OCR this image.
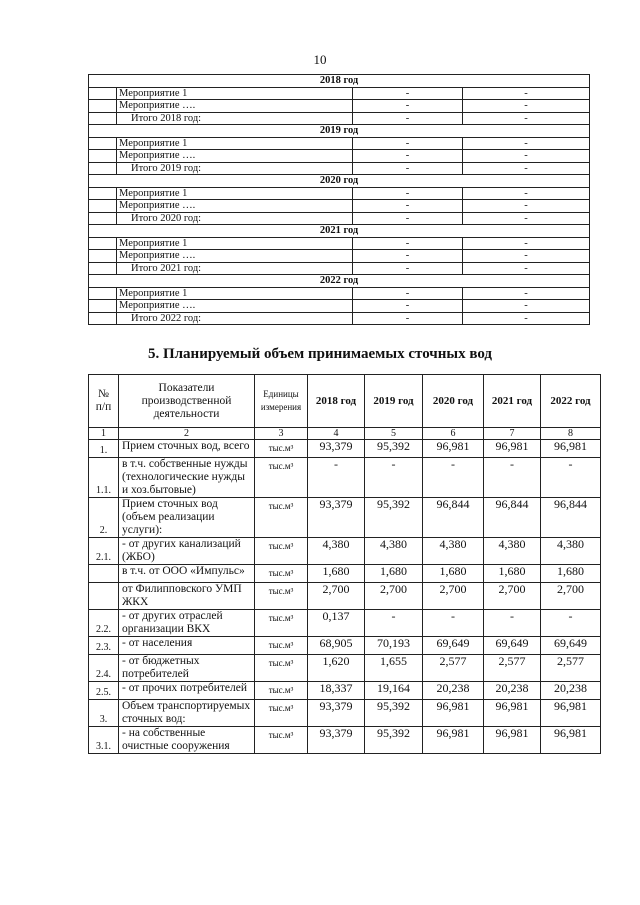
10
2018 год			
	Мероприятие 1	-	-
	Мероприятие ….	-	-
	Итого 2018 год:	-	-
2019 год			
	Мероприятие 1	-	-
	Мероприятие ….	-	-
	Итого 2019 год:	-	-
2020 год			
	Мероприятие 1	-	-
	Мероприятие ….	-	-
	Итого 2020 год:	-	-
2021 год			
	Мероприятие 1	-	-
	Мероприятие ….	-	-
	Итого 2021 год:	-	-
2022 год			
	Мероприятие 1	-	-
	Мероприятие ….	-	-
	Итого 2022 год:	-	-
5. Планируемый объем принимаемых сточных вод
№ п/п	Показатели производственной деятельности	Единицы измерения	2018 год	2019 год	2020 год	2021 год	2022 год
1	2	3	4	5	6	7	8
1.	Прием сточных вод, всего	тыс.м³	93,379	95,392	96,981	96,981	96,981
1.1.	в т.ч. собственные нужды (технологические нужды и хоз.бытовые)	тыс.м³	-	-	-	-	-
2.	Прием сточных вод (объем реализации услуги):	тыс.м³	93,379	95,392	96,844	96,844	96,844
2.1.	- от других канализаций (ЖБО)	тыс.м³	4,380	4,380	4,380	4,380	4,380
	в т.ч. от ООО «Импульс»	тыс.м³	1,680	1,680	1,680	1,680	1,680
	от Филипповского УМП ЖКХ	тыс.м³	2,700	2,700	2,700	2,700	2,700
2.2.	- от других отраслей организации ВКХ	тыс.м³	0,137	-	-	-	-
2.3.	- от населения	тыс.м³	68,905	70,193	69,649	69,649	69,649
2.4.	- от бюджетных потребителей	тыс.м³	1,620	1,655	2,577	2,577	2,577
2.5.	- от прочих потребителей	тыс.м³	18,337	19,164	20,238	20,238	20,238
3.	Объем транспортируемых сточных вод:	тыс.м³	93,379	95,392	96,981	96,981	96,981
3.1.	- на собственные очистные сооружения	тыс.м³	93,379	95,392	96,981	96,981	96,981
